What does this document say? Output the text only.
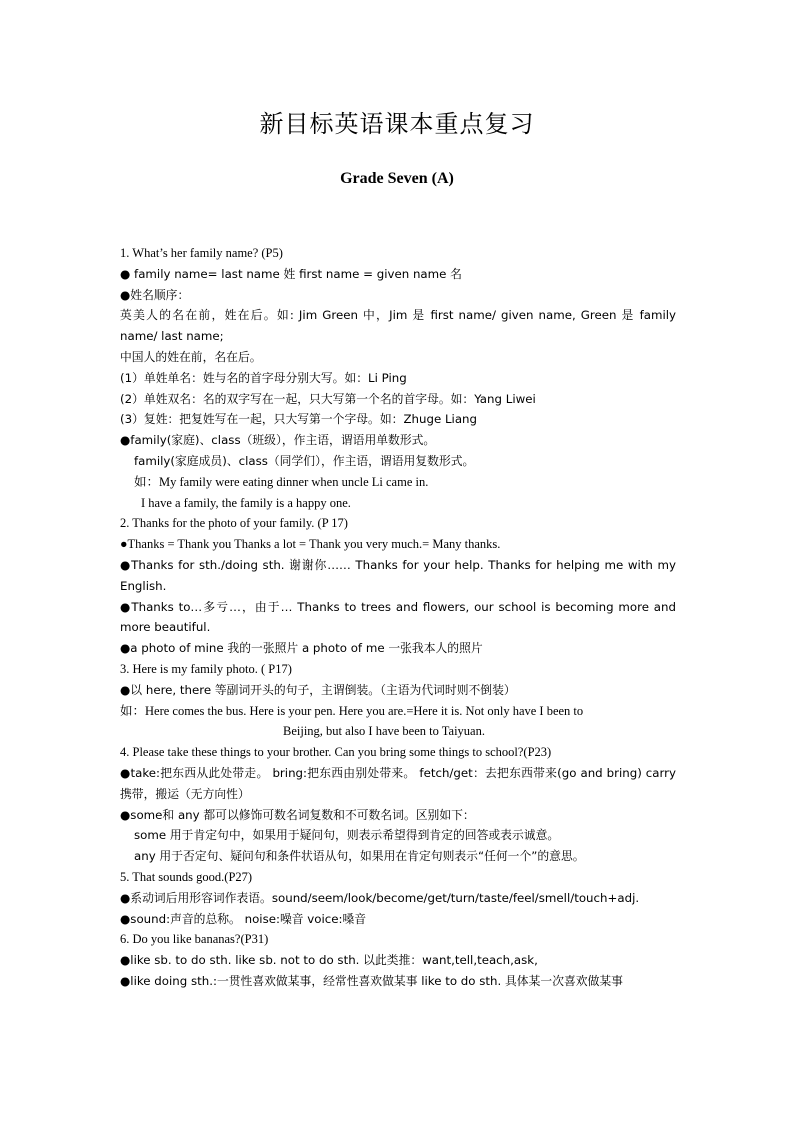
新目标英语课本重点复习
Grade Seven (A)
1. What’s her family name? (P5)
● family name= last name 姓 first name = given name 名
●姓名顺序：
英美人的名在前，姓在后。如: Jim Green 中，Jim 是 first name/ given name, Green 是 family name/ last name;
中国人的姓在前，名在后。
(1）单姓单名：姓与名的首字母分别大写。如：Li Ping
(2）单姓双名：名的双字写在一起，只大写第一个名的首字母。如：Yang Liwei
(3）复姓：把复姓写在一起，只大写第一个字母。如：Zhuge Liang
●family(家庭)、class（班级），作主语，谓语用单数形式。
family(家庭成员)、class（同学们），作主语，谓语用复数形式。
如：My family were eating dinner when uncle Li came in.
I have a family, the family is a happy one.
2. Thanks for the photo of your family. (P 17)
●Thanks = Thank you Thanks a lot = Thank you very much.= Many thanks.
●Thanks for sth./doing sth. 谢谢你…… Thanks for your help. Thanks for helping me with my English.
●Thanks to…多亏…，由于… Thanks to trees and flowers, our school is becoming more and more beautiful.
●a photo of mine 我的一张照片 a photo of me 一张我本人的照片
3. Here is my family photo. ( P17)
●以 here, there 等副词开头的句子，主谓倒装。（主语为代词时则不倒装）
如：Here comes the bus. Here is your pen. Here you are.=Here it is. Not only have I been to
Beijing, but also I have been to Taiyuan.
4. Please take these things to your brother. Can you bring some things to school?(P23)
●take:把东西从此处带走。 bring:把东西由别处带来。 fetch/get：去把东西带来(go and bring) carry携带，搬运（无方向性）
●some和 any 都可以修饰可数名词复数和不可数名词。区别如下：
some 用于肯定句中，如果用于疑问句，则表示希望得到肯定的回答或表示诚意。
any 用于否定句、疑问句和条件状语从句，如果用在肯定句则表示“任何一个”的意思。
5. That sounds good.(P27)
●系动词后用形容词作表语。sound/seem/look/become/get/turn/taste/feel/smell/touch+adj.
●sound:声音的总称。 noise:噪音 voice:嗓音
6. Do you like bananas?(P31)
●like sb. to do sth. like sb. not to do sth. 以此类推：want,tell,teach,ask,
●like doing sth.:一贯性喜欢做某事，经常性喜欢做某事 like to do sth. 具体某一次喜欢做某事
